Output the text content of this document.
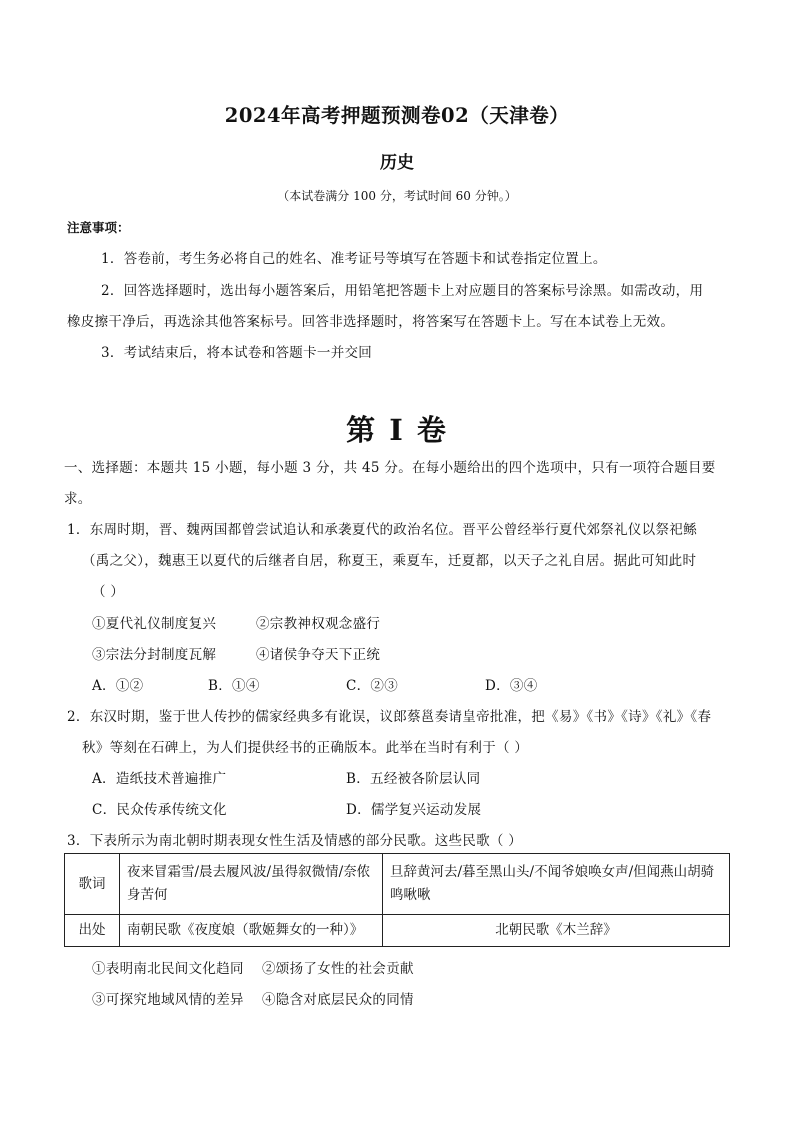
2024年高考押题预测卷02（天津卷）
历史
（本试卷满分 100 分，考试时间 60 分钟。）
注意事项：
1．答卷前，考生务必将自己的姓名、准考证号等填写在答题卡和试卷指定位置上。
2．回答选择题时，选出每小题答案后，用铅笔把答题卡上对应题目的答案标号涂黑。如需改动，用
橡皮擦干净后，再选涂其他答案标号。回答非选择题时，将答案写在答题卡上。写在本试卷上无效。
3．考试结束后，将本试卷和答题卡一并交回
第 I 卷
一、选择题：本题共 15 小题，每小题 3 分，共 45 分。在每小题给出的四个选项中，只有一项符合题目要
求。
1．东周时期，晋、魏两国都曾尝试追认和承袭夏代的政治名位。晋平公曾经举行夏代郊祭礼仪以祭祀鲧
（禹之父），魏惠王以夏代的后继者自居，称夏王，乘夏车，迁夏都，以天子之礼自居。据此可知此时
（ ）
①夏代礼仪制度复兴	②宗教神权观念盛行
③宗法分封制度瓦解	④诸侯争夺天下正统
A．①②	B．①④	C．②③	D．③④
2．东汉时期，鉴于世人传抄的儒家经典多有讹误，议郎蔡邕奏请皇帝批准，把《易》《书》《诗》《礼》《春
秋》等刻在石碑上，为人们提供经书的正确版本。此举在当时有利于（ ）
A．造纸技术普遍推广	B．五经被各阶层认同
C．民众传承传统文化	D．儒学复兴运动发展
3．下表所示为南北朝时期表现女性生活及情感的部分民歌。这些民歌（ ）
歌词	夜来冒霜雪/晨去履风波/虽得叙微情/奈侬身苦何	旦辞黄河去/暮至黑山头/不闻爷娘唤女声/但闻燕山胡骑鸣啾啾
出处	南朝民歌《夜度娘（歌姬舞女的一种）》	北朝民歌《木兰辞》
①表明南北民间文化趋同 ②颂扬了女性的社会贡献
③可探究地域风情的差异 ④隐含对底层民众的同情
